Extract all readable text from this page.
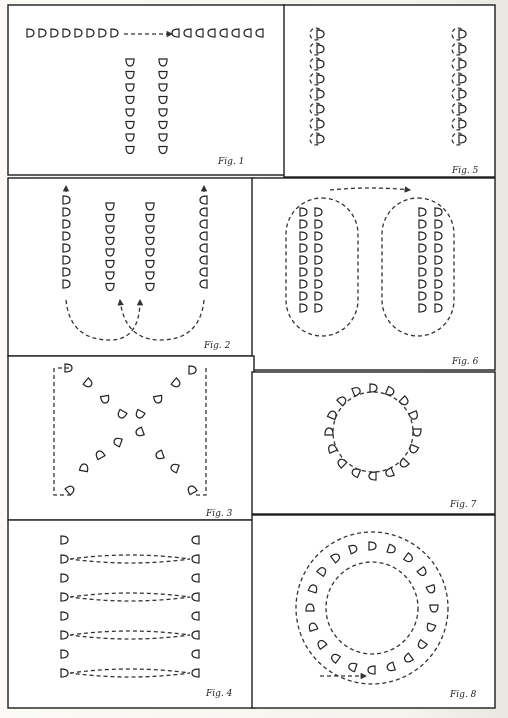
Fig. 1
Fig. 5
Fig. 2
Fig. 6
Fig. 3
Fig. 7
Fig. 4	Fig. 8
